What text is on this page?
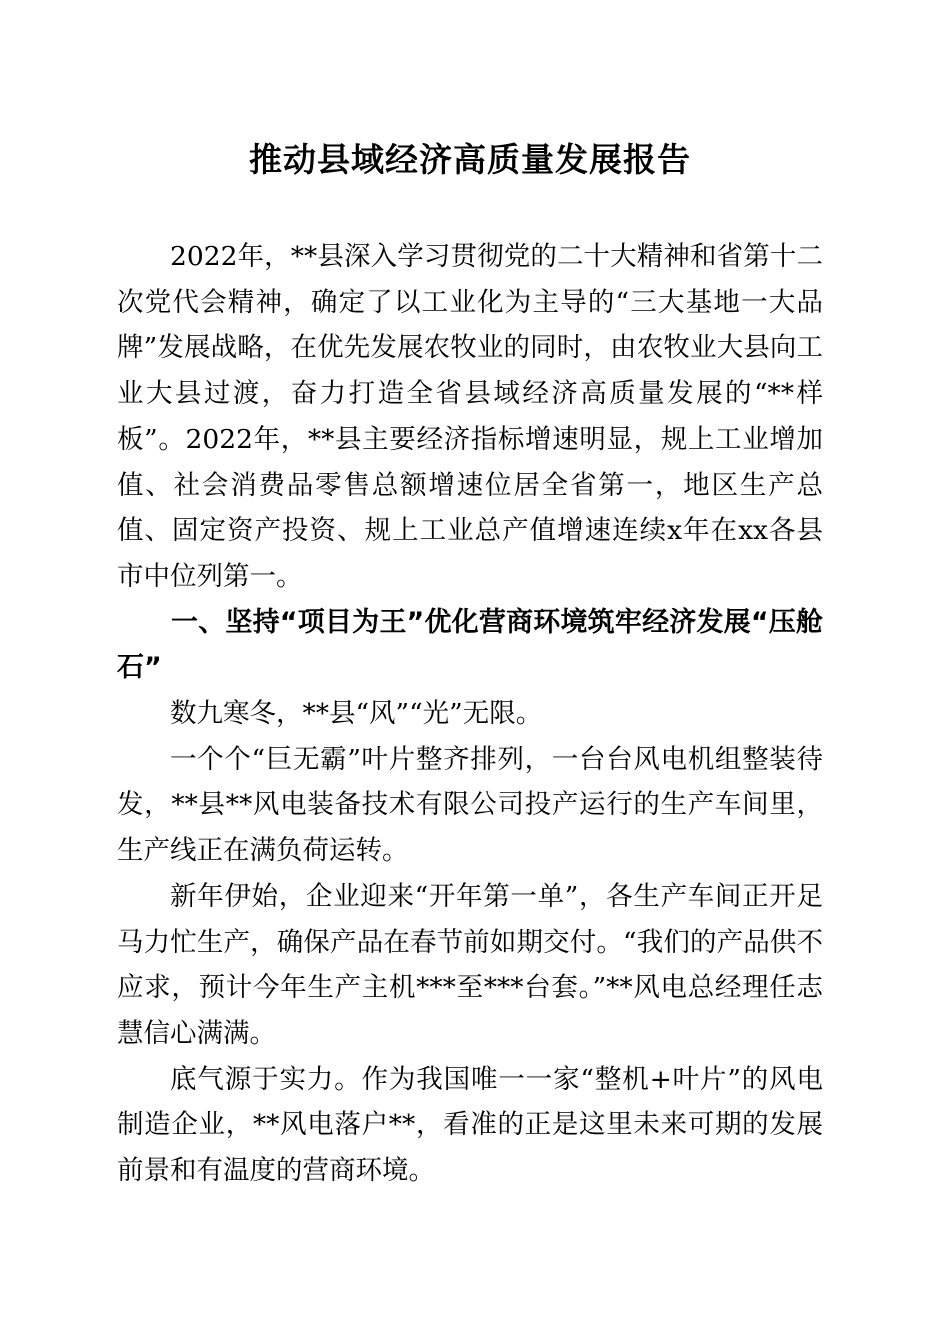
推动县域经济高质量发展报告

2022年，**县深入学习贯彻党的二十大精神和省第十二次党代会精神，确定了以工业化为主导的“三大基地一大品牌”发展战略，在优先发展农牧业的同时，由农牧业大县向工业大县过渡，奋力打造全省县域经济高质量发展的“**样板”。2022年，**县主要经济指标增速明显，规上工业增加值、社会消费品零售总额增速位居全省第一，地区生产总值、固定资产投资、规上工业总产值增速连续x年在xx各县市中位列第一。

一、坚持“项目为王”优化营商环境筑牢经济发展“压舱石”

数九寒冬，**县“风”“光”无限。

一个个“巨无霸”叶片整齐排列，一台台风电机组整装待发，**县**风电装备技术有限公司投产运行的生产车间里，生产线正在满负荷运转。

新年伊始，企业迎来“开年第一单”，各生产车间正开足马力忙生产，确保产品在春节前如期交付。“我们的产品供不应求，预计今年生产主机***至***台套。”**风电总经理任志慧信心满满。

底气源于实力。作为我国唯一一家“整机+叶片”的风电制造企业，**风电落户**，看准的正是这里未来可期的发展前景和有温度的营商环境。
